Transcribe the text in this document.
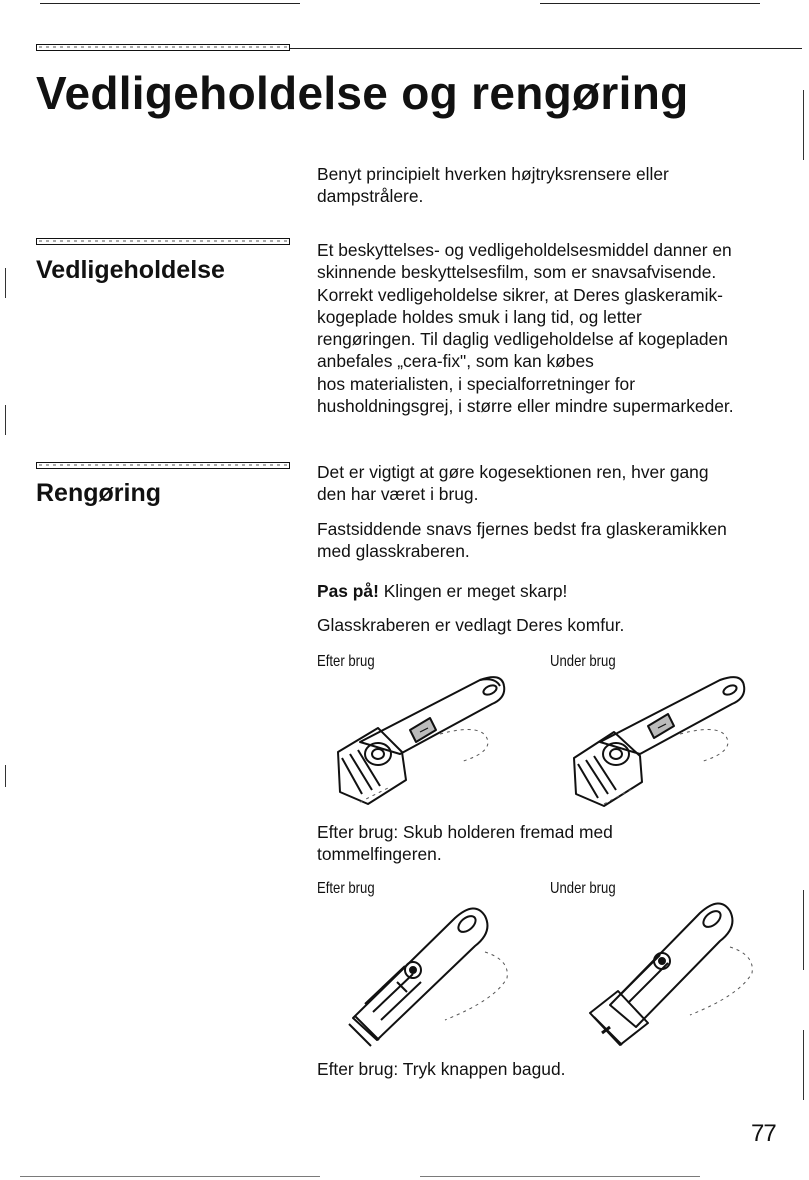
Vedligeholdelse og rengøring

Benyt principielt hverken højtryksrensere eller
dampstrålere.

Vedligeholdelse

Et beskyttelses- og vedligeholdelsesmiddel danner en
skinnende beskyttelsesfilm, som er snavsafvisende.
Korrekt vedligeholdelse sikrer, at Deres glaskeramik-
kogeplade holdes smuk i lang tid, og letter
rengøringen. Til daglig vedligeholdelse af kogepladen
anbefales „cera-fix", som kan købes
hos materialisten, i specialforretninger for
husholdningsgrej, i større eller mindre supermarkeder.

Rengøring

Det er vigtigt at gøre kogesektionen ren, hver gang
den har været i brug.

Fastsiddende snavs fjernes bedst fra glaskeramikken
med glasskraberen.

Pas på! Klingen er meget skarp!

Glasskraberen er vedlagt Deres komfur.

Efter brug	Under brug

Efter brug: Skub holderen fremad med
tommelfingeren.

Efter brug	Under brug

Efter brug: Tryk knappen bagud.

77
